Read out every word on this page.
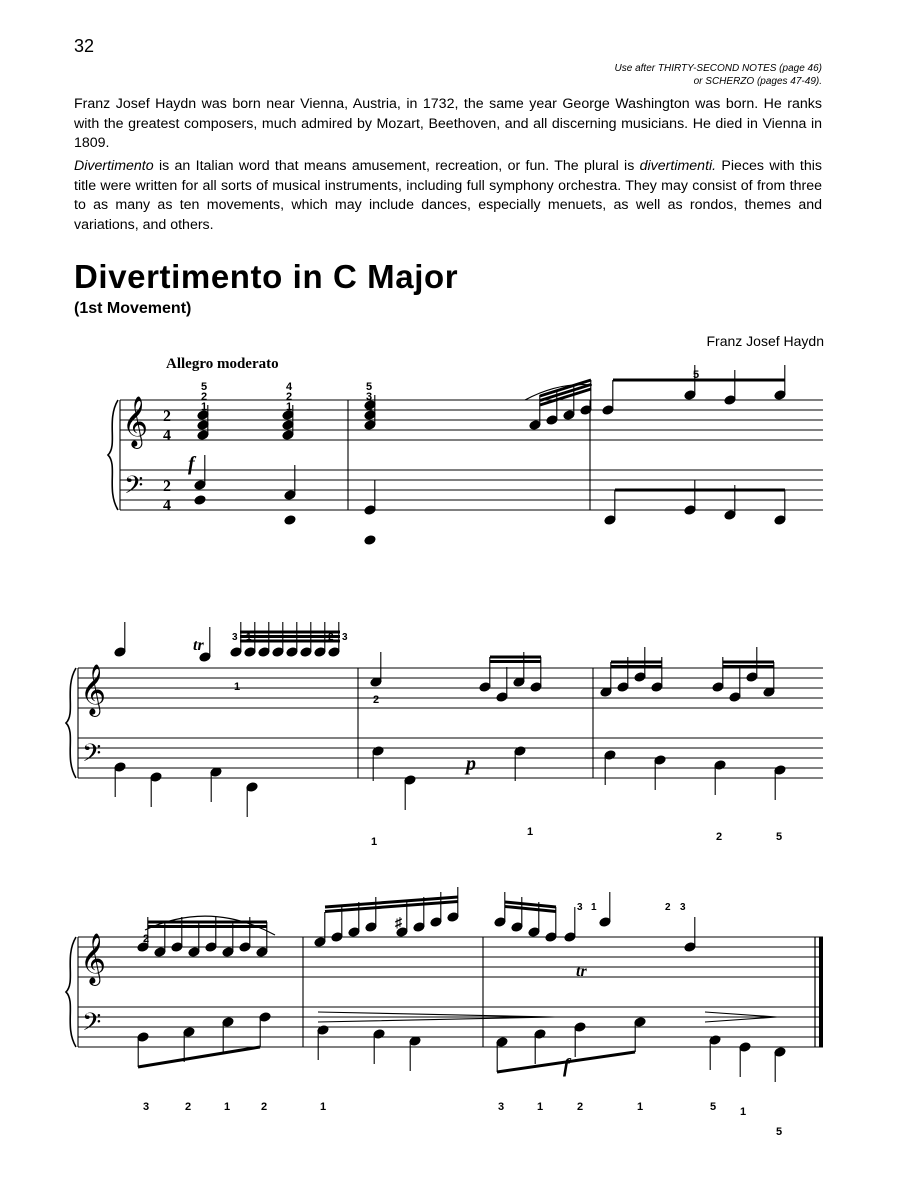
32
Use after THIRTY-SECOND NOTES (page 46)
or SCHERZO (pages 47-49).

Franz Josef Haydn was born near Vienna, Austria, in 1732, the same year George Washington was born. He ranks with the greatest composers, much admired by Mozart, Beethoven, and all discerning musicians. He died in Vienna in 1809.

Divertimento is an Italian word that means amusement, recreation, or fun. The plural is divertimenti. Pieces with this title were written for all sorts of musical instruments, including full symphony orchestra. They may consist of from three to as many as ten movements, which may include dances, especially menuets, as well as rondos, themes and variations, and others.

Divertimento in C Major
(1st Movement)
Franz Josef Haydn
Allegro moderato
𝄞
𝄢
𝄞
𝄢
𝄞
𝄢
2
4
2
4
f
5
2
1
4
2
1
5
3
1
5
tr
p
1
2
1
1	2	5
3 1	2 3
2
♯
tr
f
3	2	1	2	1	3	1	2	1	5 1
5
3 1	2 3
